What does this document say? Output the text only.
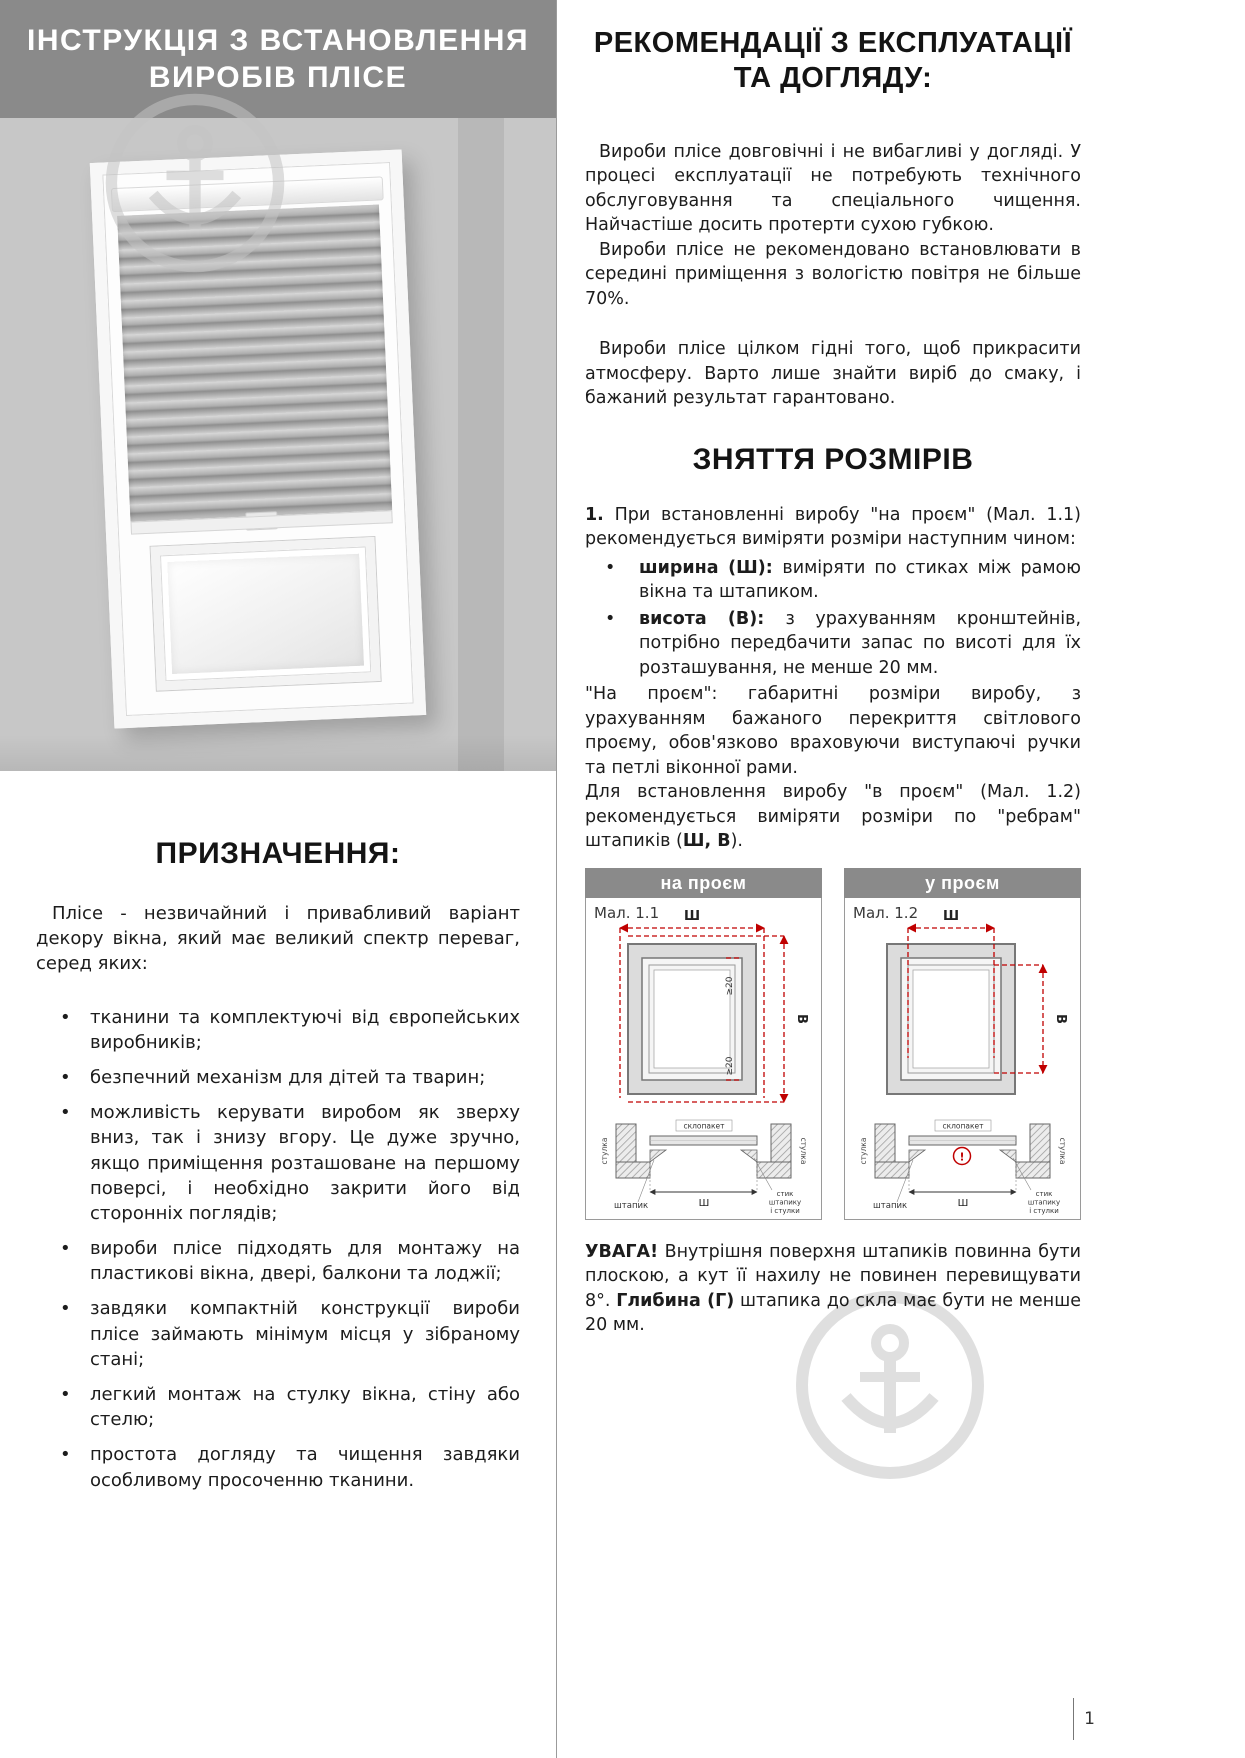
ІНСТРУКЦІЯ З ВСТАНОВЛЕННЯ
ВИРОБІВ ПЛІСЕ
ПРИЗНАЧЕННЯ:

Плісе - незвичайний і привабливий варіант декору вікна, який має великий спектр переваг, серед яких:

• тканини та комплектуючі від європейських виробників;
• безпечний механізм для дітей та тварин;
• можливість керувати виробом як зверху вниз, так і знизу вгору. Це дуже зручно, якщо приміщення розташоване на першому поверсі, і необхідно закрити його від сторонніх поглядів;
• вироби плісе підходять для монтажу на пластикові вікна, двері, балкони та лоджії;
• завдяки компактній конструкції вироби плісе займають мінімум місця у зібраному стані;
• легкий монтаж на стулку вікна, стіну або стелю;
• простота догляду та чищення завдяки особливому просоченню тканини.
РЕКОМЕНДАЦІЇ З ЕКСПЛУАТАЦІЇ
ТА ДОГЛЯДУ:

Вироби плісе довговічні і не вибагливі у догляді. У процесі експлуатації не потребують технічного обслуговування та спеціального чищення. Найчастіше досить протерти сухою губкою.

Вироби плісе не рекомендовано встановлювати в середині приміщення з вологістю повітря не більше 70%.

Вироби плісе цілком гідні того, щоб прикрасити атмосферу. Варто лише знайти виріб до смаку, і бажаний результат гарантовано.

ЗНЯТТЯ РОЗМІРІВ

1. При встановленні виробу "на проєм" (Мал. 1.1) рекомендується виміряти розміри наступним чином:

• ширина (Ш): виміряти по стиках між рамою вікна та штапиком.
• висота (В): з урахуванням кронштейнів, потрібно передбачити запас по висоті для їх розташування, не менше 20 мм.

"На проєм": габаритні розміри виробу, з урахуванням бажаного перекриття світлового проєму, обов'язково враховуючи виступаючі ручки та петлі віконної рами.

Для встановлення виробу "в проєм" (Мал. 1.2) рекомендується виміряти розміри по "ребрам" штапиків (Ш, В).

на проєм
Мал. 1.1 Ш
В
≥20
≥20
склопакет
стулка	стулка
штапик	Ш
стик
штапику
і стулки
у проєм
Мал. 1.2 Ш
В
!
склопакет
стулка	стулка
штапик	Ш
стик
штапику
і стулки

УВАГА! Внутрішня поверхня штапиків повинна бути плоскою, а кут її нахилу не повинен перевищувати 8°. Глибина (Г) штапика до скла має бути не менше 20 мм.

1
